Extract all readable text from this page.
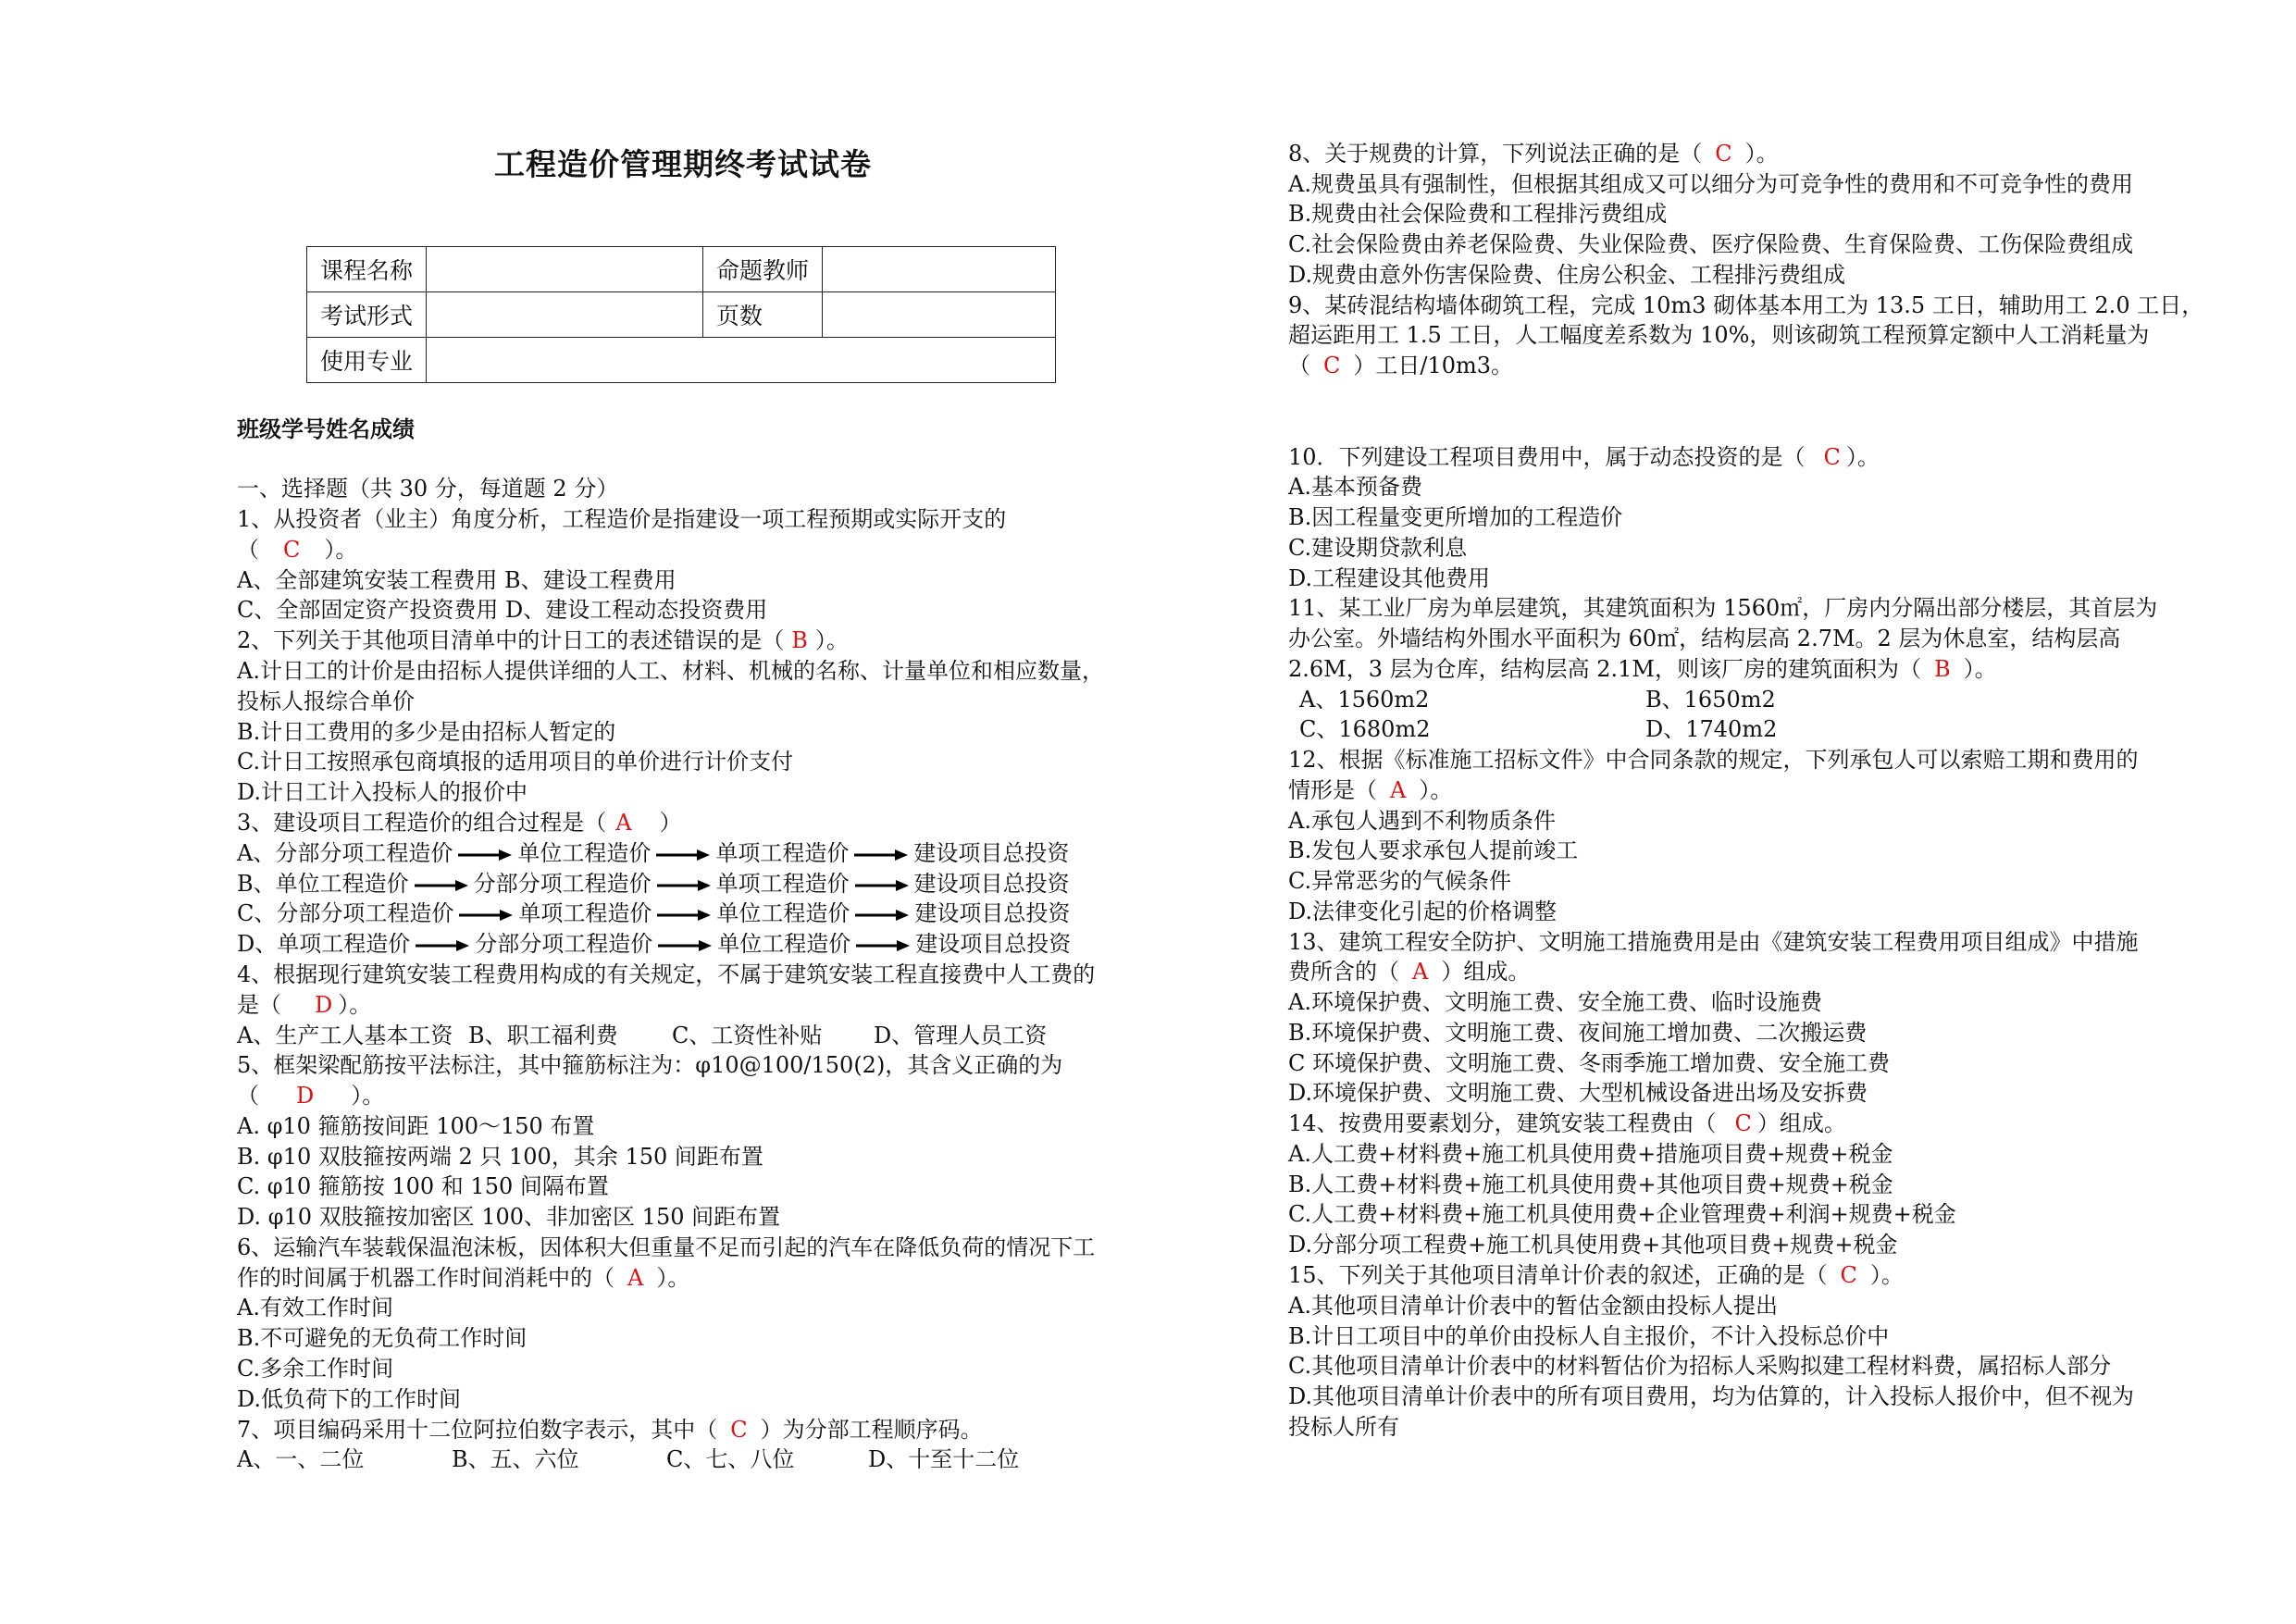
工程造价管理期终考试试卷
课程名称		命题教师	
考试形式		页数	
使用专业			
班级学号姓名成绩
一、选择题（共 30 分，每道题 2 分）
1、从投资者（业主）角度分析，工程造价是指建设一项工程预期或实际开支的
（ C ）。
A、全部建筑安装工程费用 B、建设工程费用
C、全部固定资产投资费用 D、建设工程动态投资费用
2、下列关于其他项目清单中的计日工的表述错误的是（ B ）。
A.计日工的计价是由招标人提供详细的人工、材料、机械的名称、计量单位和相应数量，
投标人报综合单价
B.计日工费用的多少是由招标人暂定的
C.计日工按照承包商填报的适用项目的单价进行计价支付
D.计日工计入投标人的报价中
3、建设项目工程造价的组合过程是（ A ）
A、分部分项工程造价	单位工程造价	单项工程造价	建设项目总投资
B、单位工程造价	分部分项工程造价	单项工程造价	建设项目总投资
C、分部分项工程造价	单项工程造价	单位工程造价	建设项目总投资
D、单项工程造价	分部分项工程造价	单位工程造价	建设项目总投资
4、根据现行建筑安装工程费用构成的有关规定，不属于建筑安装工程直接费中人工费的
是（ D ）。
A、生产工人基本工资 B、职工福利费 C、工资性补贴 D、管理人员工资
5、框架梁配筋按平法标注，其中箍筋标注为：φ10@100/150(2)，其含义正确的为
（ D ）。
A. φ10 箍筋按间距 100～150 布置
B. φ10 双肢箍按两端 2 只 100，其余 150 间距布置
C. φ10 箍筋按 100 和 150 间隔布置
D. φ10 双肢箍按加密区 100、非加密区 150 间距布置
6、运输汽车装载保温泡沫板，因体积大但重量不足而引起的汽车在降低负荷的情况下工
作的时间属于机器工作时间消耗中的（ A ）。
A.有效工作时间
B.不可避免的无负荷工作时间
C.多余工作时间
D.低负荷下的工作时间
7、项目编码采用十二位阿拉伯数字表示，其中（ C ）为分部工程顺序码。
A、一、二位	B、五、六位	C、七、八位	D、十至十二位
8、关于规费的计算，下列说法正确的是（ C ）。
A.规费虽具有强制性，但根据其组成又可以细分为可竞争性的费用和不可竞争性的费用
B.规费由社会保险费和工程排污费组成
C.社会保险费由养老保险费、失业保险费、医疗保险费、生育保险费、工伤保险费组成
D.规费由意外伤害保险费、住房公积金、工程排污费组成
9、某砖混结构墙体砌筑工程，完成 10m3 砌体基本用工为 13.5 工日，辅助用工 2.0 工日，
超运距用工 1.5 工日，人工幅度差系数为 10%，则该砌筑工程预算定额中人工消耗量为
（ C ）工日/10m3。
10．下列建设工程项目费用中，属于动态投资的是（ C ）。
A.基本预备费
B.因工程量变更所增加的工程造价
C.建设期贷款利息
D.工程建设其他费用
11、某工业厂房为单层建筑，其建筑面积为 1560㎡，厂房内分隔出部分楼层，其首层为
办公室。外墙结构外围水平面积为 60㎡，结构层高 2.7M。2 层为休息室，结构层高
2.6M，3 层为仓库，结构层高 2.1M，则该厂房的建筑面积为（ B ）。
A、1560m2	B、1650m2
C、1680m2	D、1740m2
12、根据《标准施工招标文件》中合同条款的规定，下列承包人可以索赔工期和费用的
情形是（ A ）。
A.承包人遇到不利物质条件
B.发包人要求承包人提前竣工
C.异常恶劣的气候条件
D.法律变化引起的价格调整
13、建筑工程安全防护、文明施工措施费用是由《建筑安装工程费用项目组成》中措施
费所含的（ A ）组成。
A.环境保护费、文明施工费、安全施工费、临时设施费
B.环境保护费、文明施工费、夜间施工增加费、二次搬运费
C 环境保护费、文明施工费、冬雨季施工增加费、安全施工费
D.环境保护费、文明施工费、大型机械设备进出场及安拆费
14、按费用要素划分，建筑安装工程费由（ C ）组成。
A.人工费+材料费+施工机具使用费+措施项目费+规费+税金
B.人工费+材料费+施工机具使用费+其他项目费+规费+税金
C.人工费+材料费+施工机具使用费+企业管理费+利润+规费+税金
D.分部分项工程费+施工机具使用费+其他项目费+规费+税金
15、下列关于其他项目清单计价表的叙述，正确的是（ C ）。
A.其他项目清单计价表中的暂估金额由投标人提出
B.计日工项目中的单价由投标人自主报价，不计入投标总价中
C.其他项目清单计价表中的材料暂估价为招标人采购拟建工程材料费，属招标人部分
D.其他项目清单计价表中的所有项目费用，均为估算的，计入投标人报价中，但不视为
投标人所有
